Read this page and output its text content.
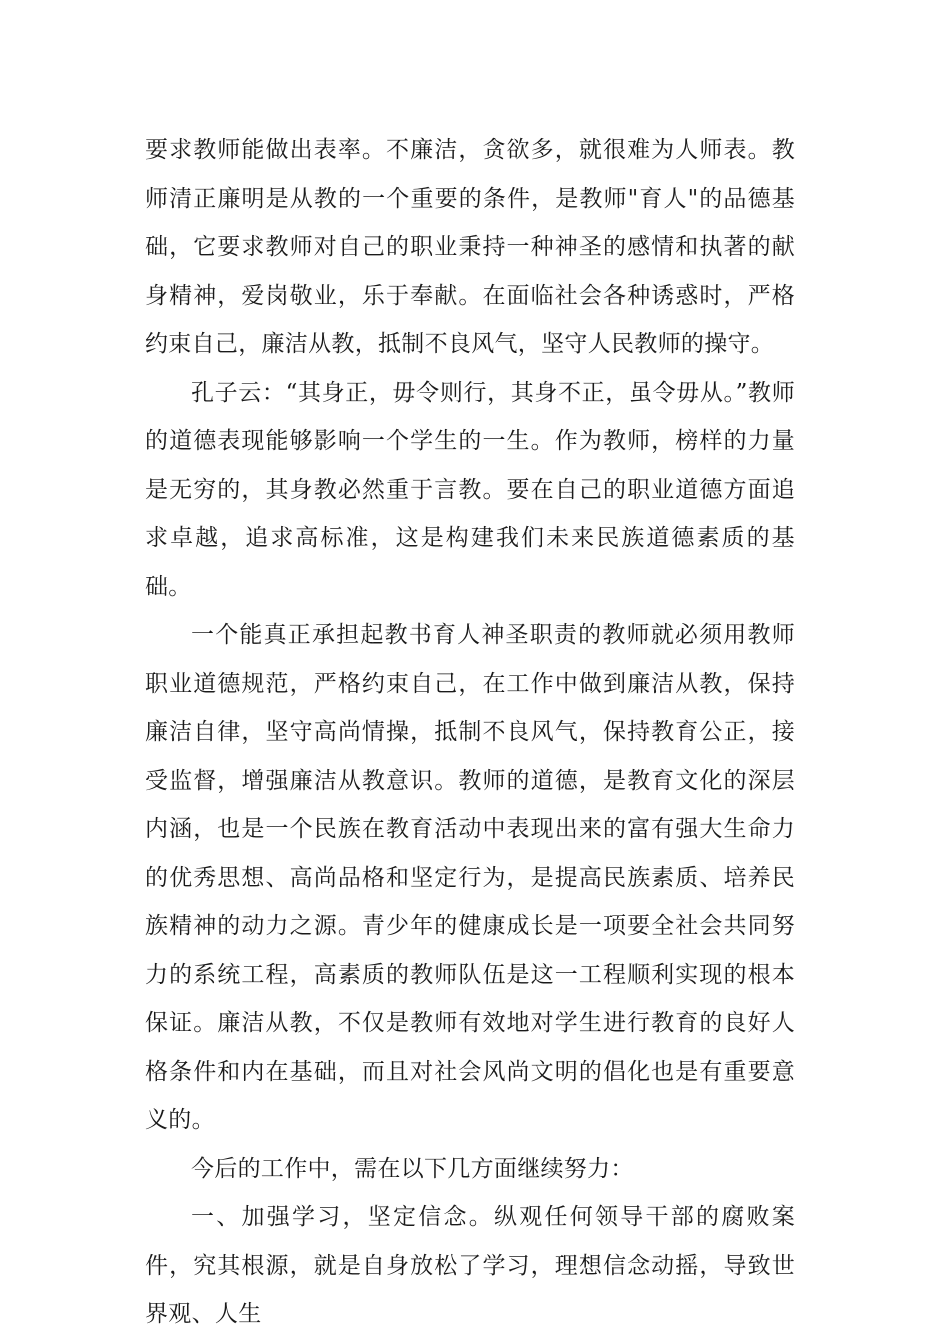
要求教师能做出表率。不廉洁，贪欲多，就很难为人师表。教师清正廉明是从教的一个重要的条件，是教师"育人"的品德基础，它要求教师对自己的职业秉持一种神圣的感情和执著的献身精神，爱岗敬业，乐于奉献。在面临社会各种诱惑时，严格约束自己，廉洁从教，抵制不良风气，坚守人民教师的操守。

孔子云：“其身正，毋令则行，其身不正，虽令毋从。”教师的道德表现能够影响一个学生的一生。作为教师，榜样的力量是无穷的，其身教必然重于言教。要在自己的职业道德方面追求卓越，追求高标准，这是构建我们未来民族道德素质的基础。

一个能真正承担起教书育人神圣职责的教师就必须用教师职业道德规范，严格约束自己，在工作中做到廉洁从教，保持廉洁自律，坚守高尚情操，抵制不良风气，保持教育公正，接受监督，增强廉洁从教意识。教师的道德，是教育文化的深层内涵，也是一个民族在教育活动中表现出来的富有强大生命力的优秀思想、高尚品格和坚定行为，是提高民族素质、培养民族精神的动力之源。青少年的健康成长是一项要全社会共同努力的系统工程，高素质的教师队伍是这一工程顺利实现的根本保证。廉洁从教，不仅是教师有效地对学生进行教育的良好人格条件和内在基础，而且对社会风尚文明的倡化也是有重要意义的。

今后的工作中，需在以下几方面继续努力：

一、加强学习，坚定信念。纵观任何领导干部的腐败案件，究其根源，就是自身放松了学习，理想信念动摇，导致世界观、人生
